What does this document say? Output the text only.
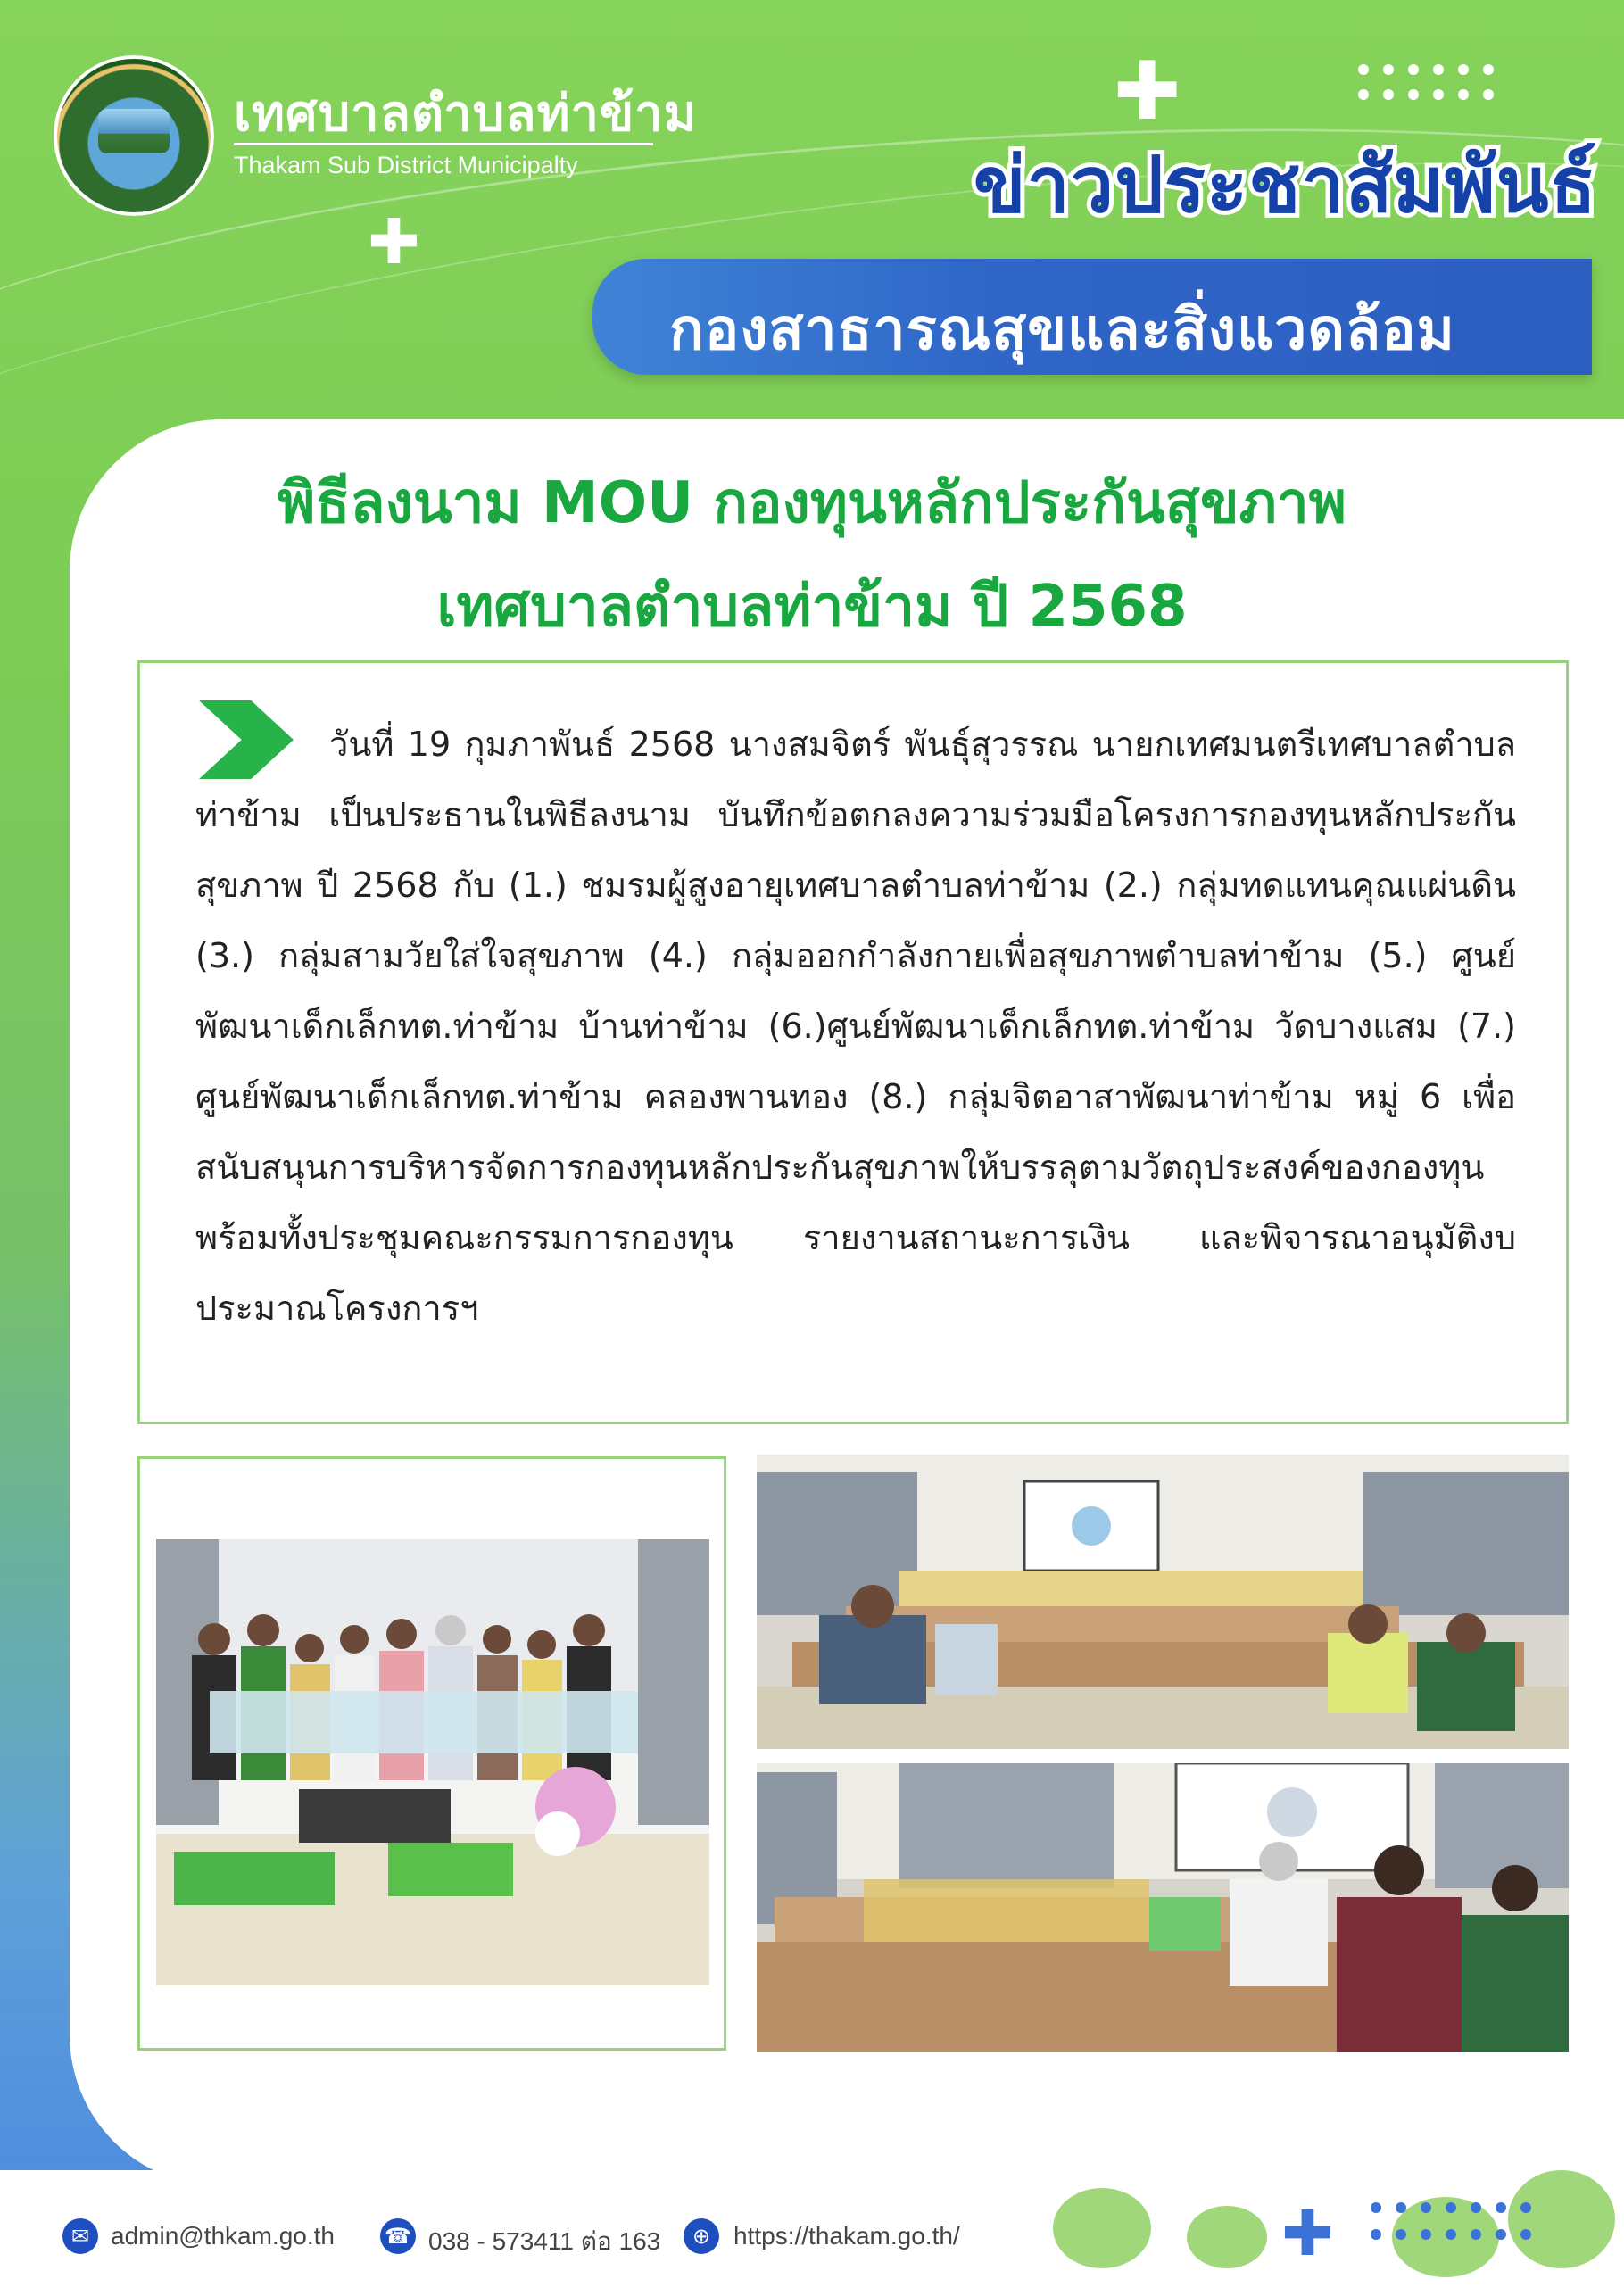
เทศบาลตำบลท่าข้าม
Thakam Sub District Municipalty
✚
✚
ข่าวประชาสัมพันธ์
กองสาธารณสุขและสิ่งแวดล้อม
พิธีลงนาม MOU กองทุนหลักประกันสุขภาพ
เทศบาลตำบลท่าข้าม ปี 2568

วันที่ 19 กุมภาพันธ์ 2568 นางสมจิตร์ พันธุ์สุวรรณ นายกเทศมนตรีเทศบาลตำบลท่าข้าม เป็นประธานในพิธีลงนาม บันทึกข้อตกลงความร่วมมือโครงการกองทุนหลักประกันสุขภาพ ปี 2568 กับ (1.) ชมรมผู้สูงอายุเทศบาลตำบลท่าข้าม (2.) กลุ่มทดแทนคุณแผ่นดิน (3.) กลุ่มสามวัยใส่ใจสุขภาพ (4.) กลุ่มออกกำลังกายเพื่อสุขภาพตำบลท่าข้าม (5.) ศูนย์พัฒนาเด็กเล็กทต.ท่าข้าม บ้านท่าข้าม (6.)ศูนย์พัฒนาเด็กเล็กทต.ท่าข้าม วัดบางแสม (7.) ศูนย์พัฒนาเด็กเล็กทต.ท่าข้าม คลองพานทอง (8.) กลุ่มจิตอาสาพัฒนาท่าข้าม หมู่ 6 เพื่อสนับสนุนการบริหารจัดการกองทุนหลักประกันสุขภาพให้บรรลุตามวัตถุประสงค์ของกองทุน พร้อมทั้งประชุมคณะกรรมการกองทุน รายงานสถานะการเงิน และพิจารณาอนุมัติงบประมาณโครงการฯ

✉ admin@thkam.go.th ☎ 038 - 573411 ต่อ 163	⊕ https://thakam.go.th/	✚
